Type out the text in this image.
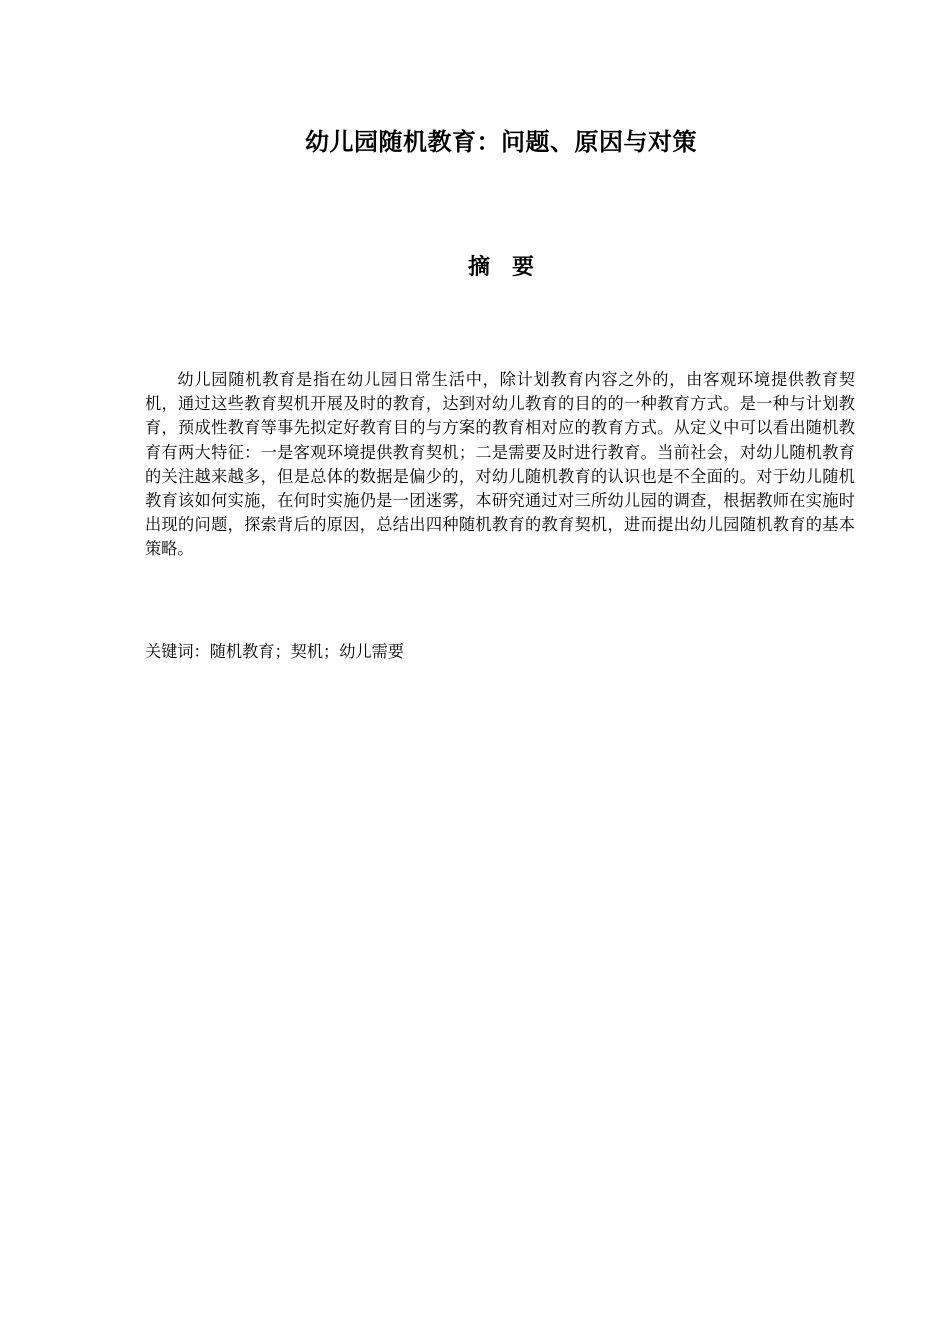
幼儿园随机教育：问题、原因与对策
摘 要

幼儿园随机教育是指在幼儿园日常生活中，除计划教育内容之外的，由客观环境提供教育契机，通过这些教育契机开展及时的教育，达到对幼儿教育的目的的一种教育方式。是一种与计划教育，预成性教育等事先拟定好教育目的与方案的教育相对应的教育方式。从定义中可以看出随机教育有两大特征：一是客观环境提供教育契机；二是需要及时进行教育。当前社会，对幼儿随机教育的关注越来越多，但是总体的数据是偏少的，对幼儿随机教育的认识也是不全面的。对于幼儿随机教育该如何实施，在何时实施仍是一团迷雾，本研究通过对三所幼儿园的调查，根据教师在实施时出现的问题，探索背后的原因，总结出四种随机教育的教育契机，进而提出幼儿园随机教育的基本策略。

关键词：随机教育；契机；幼儿需要
